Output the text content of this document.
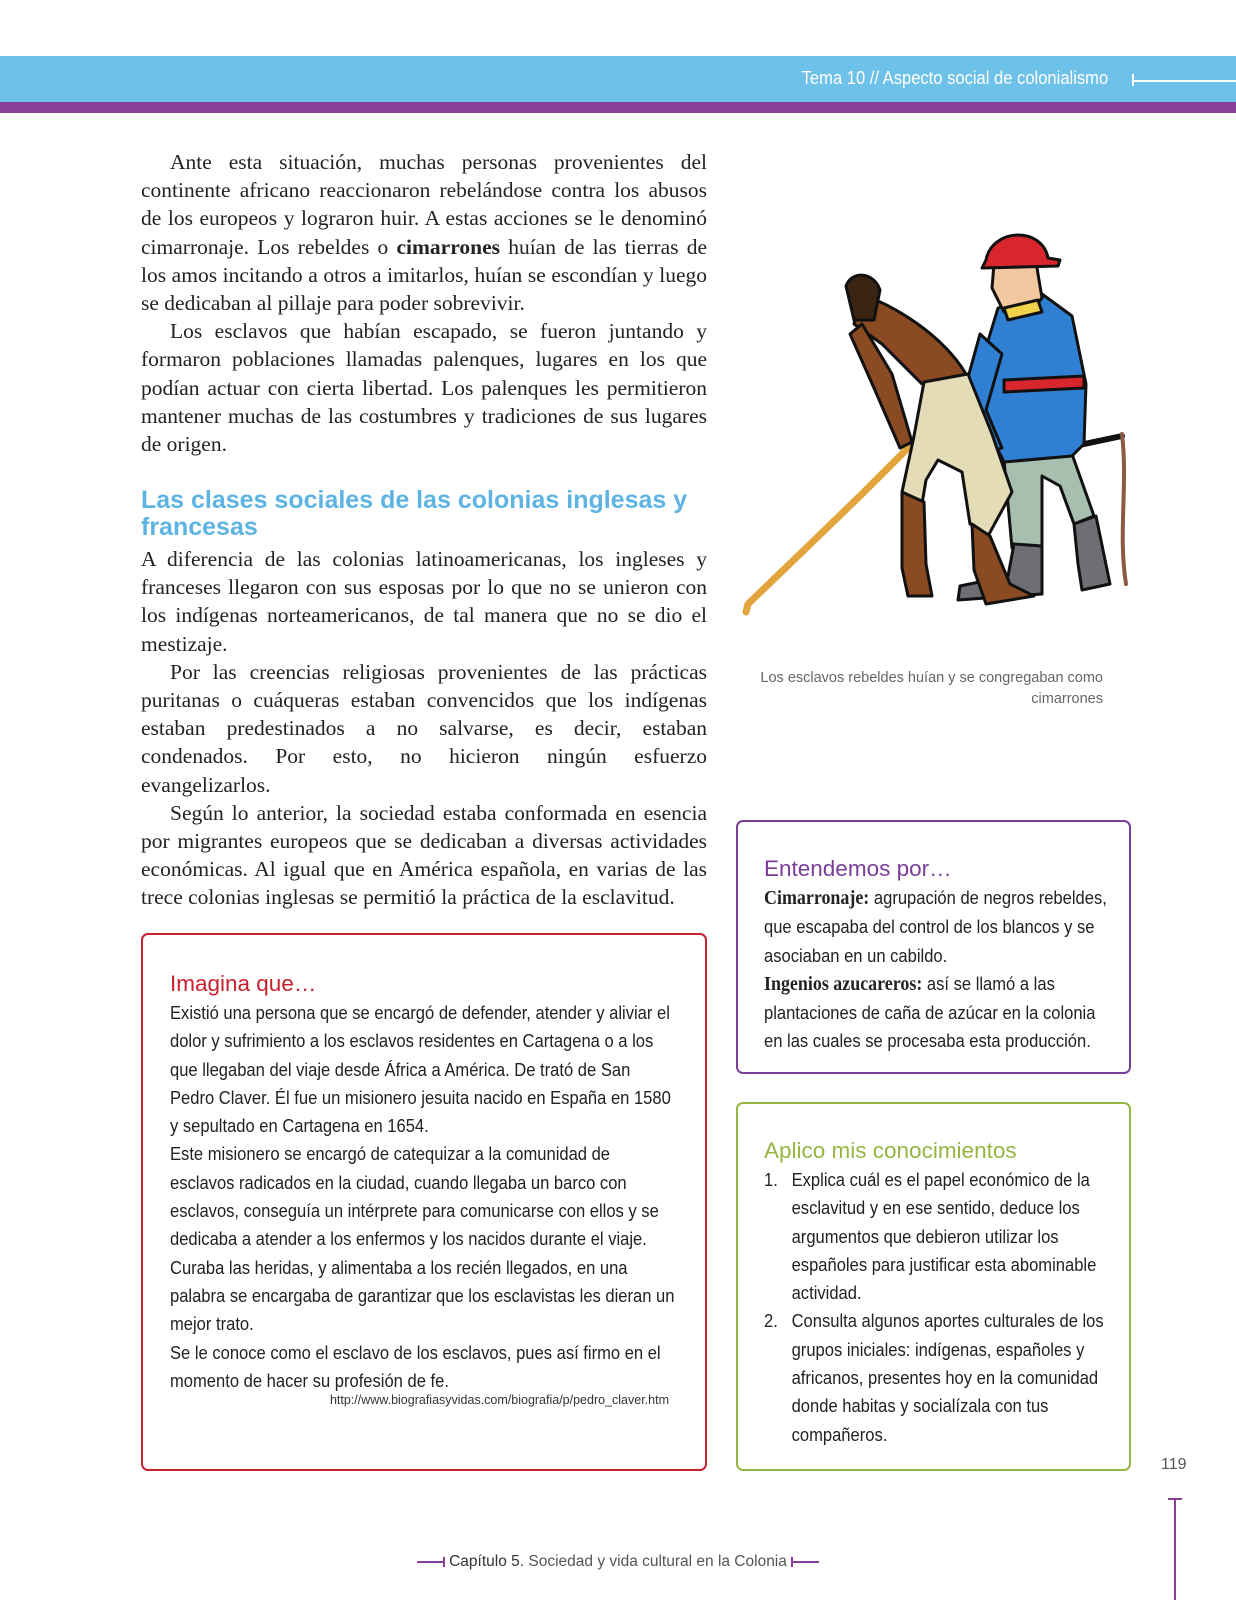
Tema 10 // Aspecto social de colonialismo

Ante esta situación, muchas personas provenientes del continente africano reaccionaron rebelándose contra los abusos de los europeos y lograron huir. A estas acciones se le denominó cimarronaje. Los rebeldes o cimarrones huían de las tierras de los amos incitando a otros a imitarlos, huían se escondían y luego se dedicaban al pillaje para poder sobrevivir.

Los esclavos que habían escapado, se fueron juntando y formaron poblaciones llamadas palenques, lugares en los que podían actuar con cierta libertad. Los palenques les permitieron mantener muchas de las costumbres y tradiciones de sus lugares de origen.

Las clases sociales de las colonias inglesas y francesas

A diferencia de las colonias latinoamericanas, los ingleses y franceses llegaron con sus esposas por lo que no se unieron con los indígenas norteamericanos, de tal manera que no se dio el mestizaje.

Por las creencias religiosas provenientes de las prácticas puritanas o cuáqueras estaban convencidos que los indígenas estaban predestinados a no salvarse, es decir, estaban condenados. Por esto, no hicieron ningún esfuerzo evangelizarlos.

Según lo anterior, la sociedad estaba conformada en esencia por migrantes europeos que se dedicaban a diversas actividades económicas. Al igual que en América española, en varias de las trece colonias inglesas se permitió la práctica de la esclavitud.

Los esclavos rebeldes huían y se congregaban como cimarrones
Imagina que…

Existió una persona que se encargó de defender, atender y aliviar el dolor y sufrimiento a los esclavos residentes en Cartagena o a los que llegaban del viaje desde África a América. De trató de San Pedro Claver. Él fue un misionero jesuita nacido en España en 1580 y sepultado en Cartagena en 1654.

Este misionero se encargó de catequizar a la comunidad de esclavos radicados en la ciudad, cuando llegaba un barco con esclavos, conseguía un intérprete para comunicarse con ellos y se dedicaba a atender a los enfermos y los nacidos durante el viaje. Curaba las heridas, y alimentaba a los recién llegados, en una palabra se encargaba de garantizar que los esclavistas les dieran un mejor trato.

Se le conoce como el esclavo de los esclavos, pues así firmo en el momento de hacer su profesión de fe.

http://www.biografiasyvidas.com/biografia/p/pedro_claver.htm
Entendemos por…

Cimarronaje: agrupación de negros rebeldes, que escapaba del control de los blancos y se asociaban en un cabildo.

Ingenios azucareros: así se llamó a las plantaciones de caña de azúcar en la colonia en las cuales se procesaba esta producción.

Aplico mis conocimientos
1. Explica cuál es el papel económico de la esclavitud y en ese sentido, deduce los argumentos que debieron utilizar los españoles para justificar esta abominable actividad.
2. Consulta algunos aportes culturales de los grupos iniciales: indígenas, españoles y africanos, presentes hoy en la comunidad donde habitas y socialízala con tus compañeros.
119
Capítulo 5. Sociedad y vida cultural en la Colonia
